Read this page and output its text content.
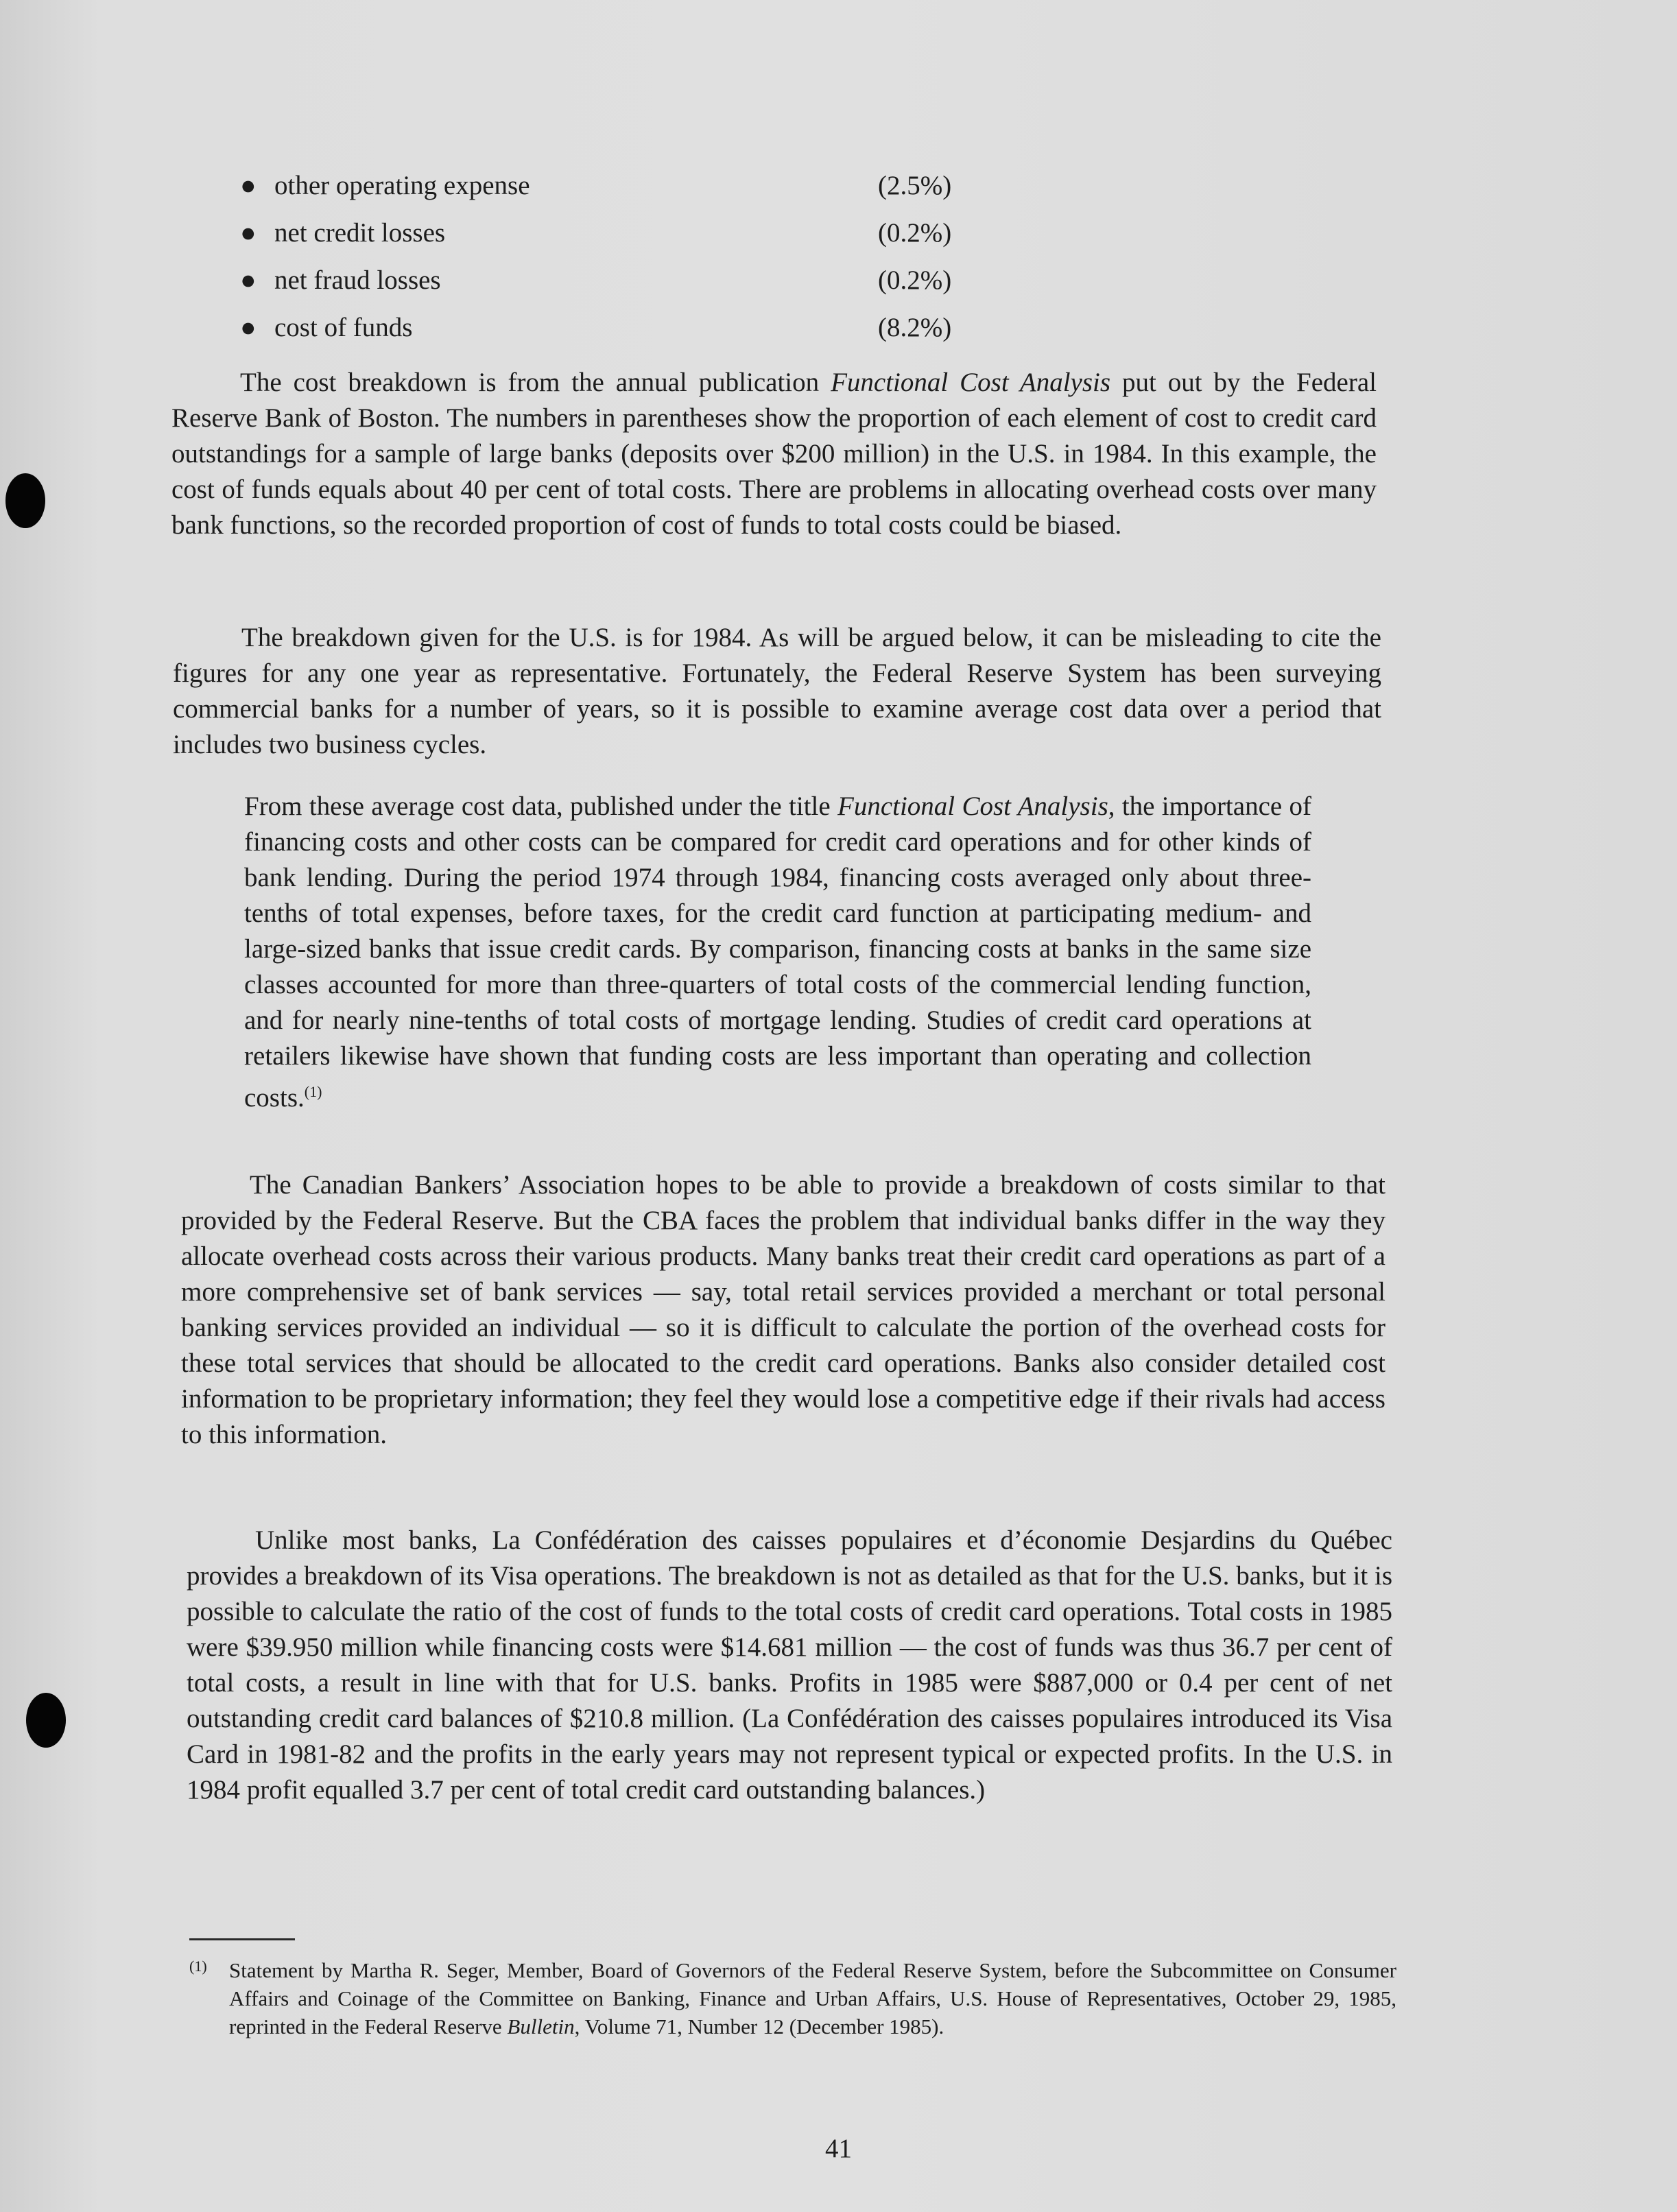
● other operating expense	(2.5%)
● net credit losses	(0.2%)
● net fraud losses	(0.2%)
● cost of funds	(8.2%)

The cost breakdown is from the annual publication Functional Cost Analysis put out by the Federal Reserve Bank of Boston. The numbers in parentheses show the proportion of each element of cost to credit card outstandings for a sample of large banks (deposits over $200 million) in the U.S. in 1984. In this example, the cost of funds equals about 40 per cent of total costs. There are problems in allocating overhead costs over many bank functions, so the recorded proportion of cost of funds to total costs could be biased.

The breakdown given for the U.S. is for 1984. As will be argued below, it can be misleading to cite the figures for any one year as representative. Fortunately, the Federal Reserve System has been surveying commercial banks for a number of years, so it is possible to examine average cost data over a period that includes two business cycles.

From these average cost data, published under the title Functional Cost Analysis, the importance of financing costs and other costs can be compared for credit card operations and for other kinds of bank lending. During the period 1974 through 1984, financing costs averaged only about three-tenths of total expenses, before taxes, for the credit card function at participating medium- and large-sized banks that issue credit cards. By comparison, financing costs at banks in the same size classes accounted for more than three-quarters of total costs of the commercial lending function, and for nearly nine-tenths of total costs of mortgage lending. Studies of credit card operations at retailers likewise have shown that funding costs are less important than operating and collection costs.$^{(1)}$

The Canadian Bankers’ Association hopes to be able to provide a breakdown of costs similar to that provided by the Federal Reserve. But the CBA faces the problem that individual banks differ in the way they allocate overhead costs across their various products. Many banks treat their credit card operations as part of a more comprehensive set of bank services — say, total retail services provided a merchant or total personal banking services provided an individual — so it is difficult to calculate the portion of the overhead costs for these total services that should be allocated to the credit card operations. Banks also consider detailed cost information to be proprietary information; they feel they would lose a competitive edge if their rivals had access to this information.

Unlike most banks, La Confédération des caisses populaires et d’économie Desjardins du Québec provides a breakdown of its Visa operations. The breakdown is not as detailed as that for the U.S. banks, but it is possible to calculate the ratio of the cost of funds to the total costs of credit card operations. Total costs in 1985 were $39.950 million while financing costs were $14.681 million — the cost of funds was thus 36.7 per cent of total costs, a result in line with that for U.S. banks. Profits in 1985 were $887,000 or 0.4 per cent of net outstanding credit card balances of $210.8 million. (La Confédération des caisses populaires introduced its Visa Card in 1981-82 and the profits in the early years may not represent typical or expected profits. In the U.S. in 1984 profit equalled 3.7 per cent of total credit card outstanding balances.)

(1) Statement by Martha R. Seger, Member, Board of Governors of the Federal Reserve System, before the Subcommittee on Consumer Affairs and Coinage of the Committee on Banking, Finance and Urban Affairs, U.S. House of Representatives, October 29, 1985, reprinted in the Federal Reserve Bulletin, Volume 71, Number 12 (December 1985).

41
